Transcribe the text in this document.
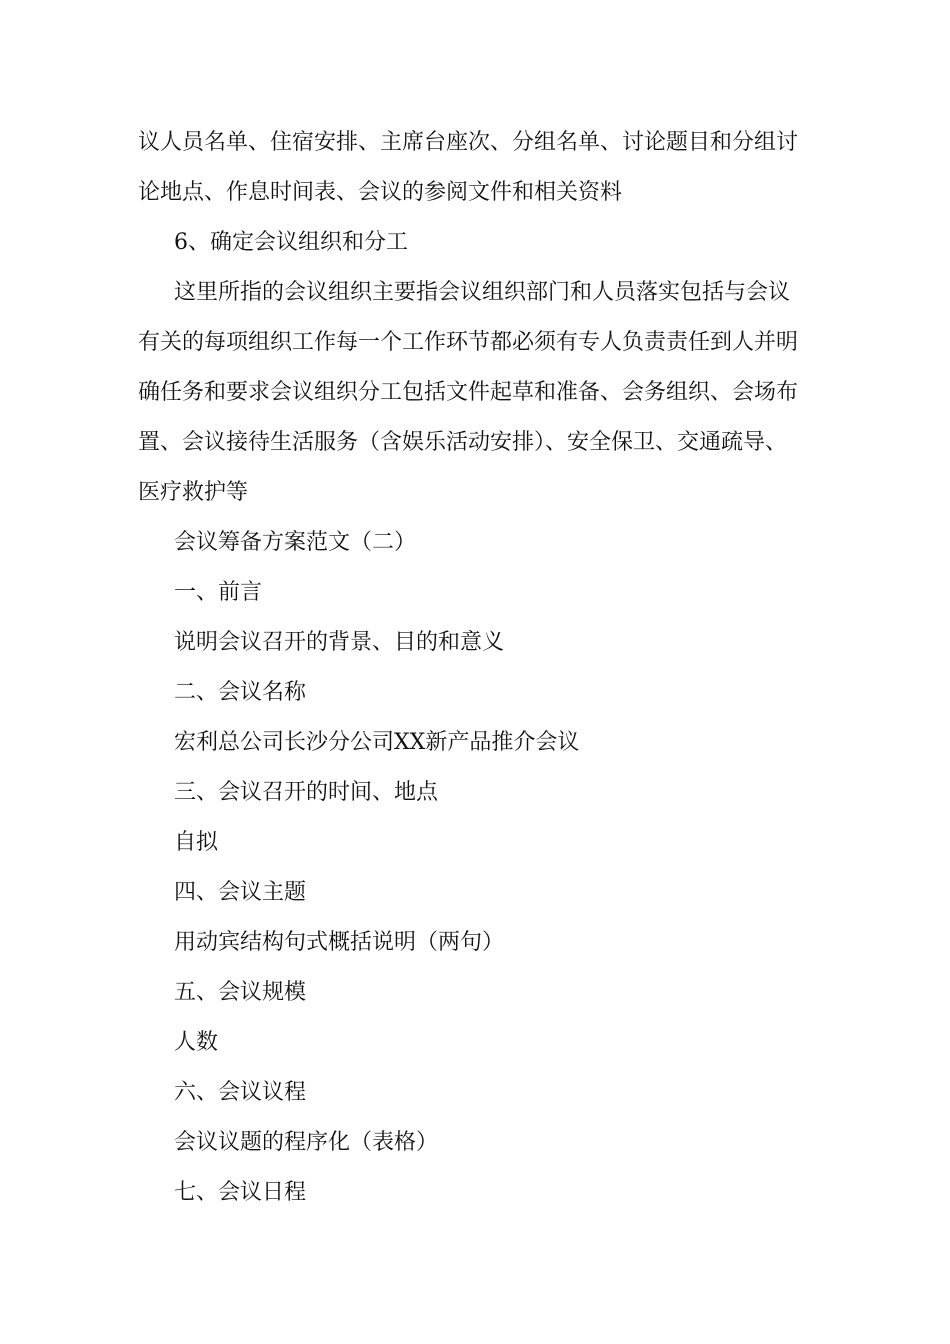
议人员名单、住宿安排、主席台座次、分组名单、讨论题目和分组讨
论地点、作息时间表、会议的参阅文件和相关资料
6、确定会议组织和分工
这里所指的会议组织主要指会议组织部门和人员落实包括与会议
有关的每项组织工作每一个工作环节都必须有专人负责责任到人并明
确任务和要求会议组织分工包括文件起草和准备、会务组织、会场布
置、会议接待生活服务（含娱乐活动安排）、安全保卫、交通疏导、
医疗救护等
会议筹备方案范文（二）
一、前言
说明会议召开的背景、目的和意义
二、会议名称
宏利总公司长沙分公司XX新产品推介会议
三、会议召开的时间、地点
自拟
四、会议主题
用动宾结构句式概括说明（两句）
五、会议规模
人数
六、会议议程
会议议题的程序化（表格）
七、会议日程
